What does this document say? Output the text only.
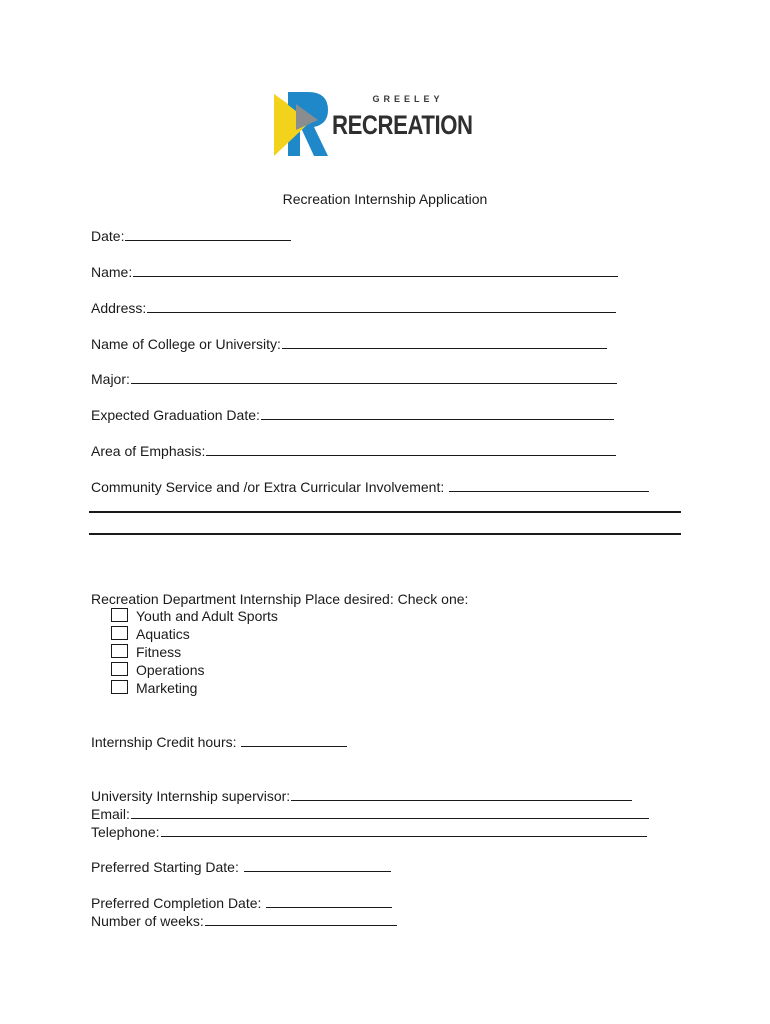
GREELEY
RECREATION
Recreation Internship Application
Date:
Name:
Address:
Name of College or University:
Major:
Expected Graduation Date:
Area of Emphasis:
Community Service and /or Extra Curricular Involvement:
Recreation Department Internship Place desired: Check one:
Youth and Adult Sports
Aquatics
Fitness
Operations
Marketing
Internship Credit hours:
University Internship supervisor:
Email:
Telephone:
Preferred Starting Date:
Preferred Completion Date:
Number of weeks:
